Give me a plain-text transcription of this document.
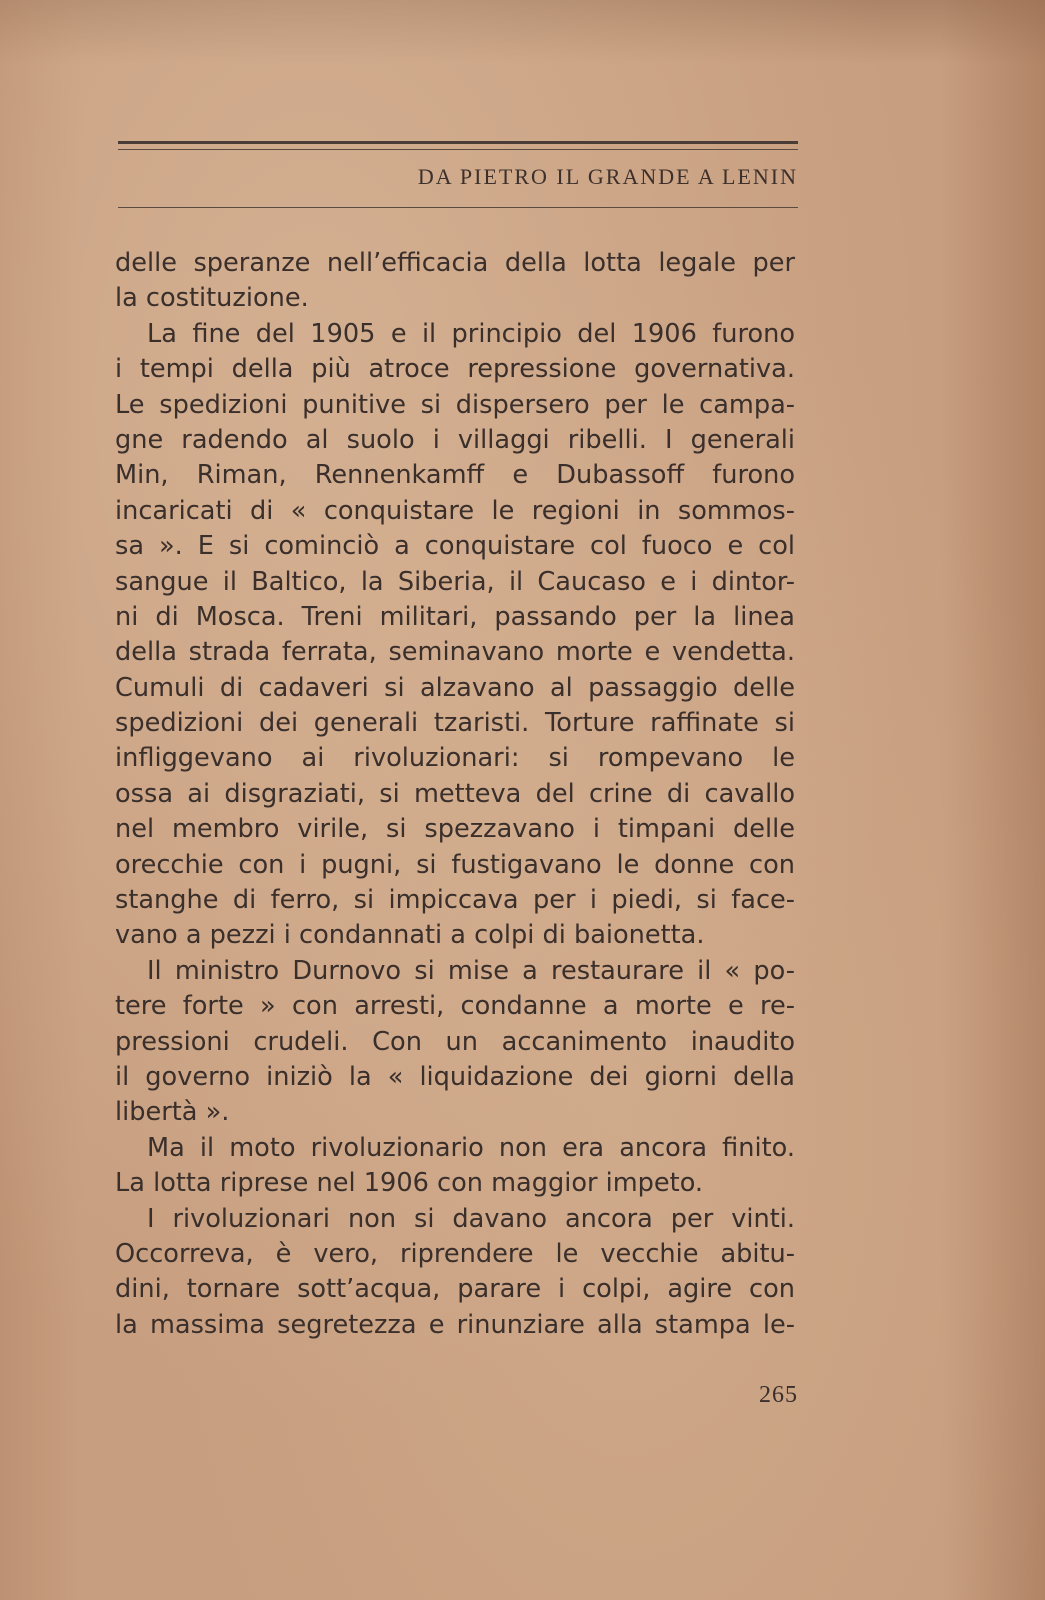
DA PIETRO IL GRANDE A LENIN
delle speranze nell’efficacia della lotta legale per
la costituzione.
La fine del 1905 e il principio del 1906 furono
i tempi della più atroce repressione governativa.
Le spedizioni punitive si dispersero per le campa-
gne radendo al suolo i villaggi ribelli. I generali
Min, Riman, Rennenkamff e Dubassoff furono
incaricati di « conquistare le regioni in sommos-
sa ». E si cominciò a conquistare col fuoco e col
sangue il Baltico, la Siberia, il Caucaso e i dintor-
ni di Mosca. Treni militari, passando per la linea
della strada ferrata, seminavano morte e vendetta.
Cumuli di cadaveri si alzavano al passaggio delle
spedizioni dei generali tzaristi. Torture raffinate si
infliggevano ai rivoluzionari: si rompevano le
ossa ai disgraziati, si metteva del crine di cavallo
nel membro virile, si spezzavano i timpani delle
orecchie con i pugni, si fustigavano le donne con
stanghe di ferro, si impiccava per i piedi, si face-
vano a pezzi i condannati a colpi di baionetta.
Il ministro Durnovo si mise a restaurare il « po-
tere forte » con arresti, condanne a morte e re-
pressioni crudeli. Con un accanimento inaudito
il governo iniziò la « liquidazione dei giorni della
libertà ».
Ma il moto rivoluzionario non era ancora finito.
La lotta riprese nel 1906 con maggior impeto.
I rivoluzionari non si davano ancora per vinti.
Occorreva, è vero, riprendere le vecchie abitu-
dini, tornare sott’acqua, parare i colpi, agire con
la massima segretezza e rinunziare alla stampa le-
265
